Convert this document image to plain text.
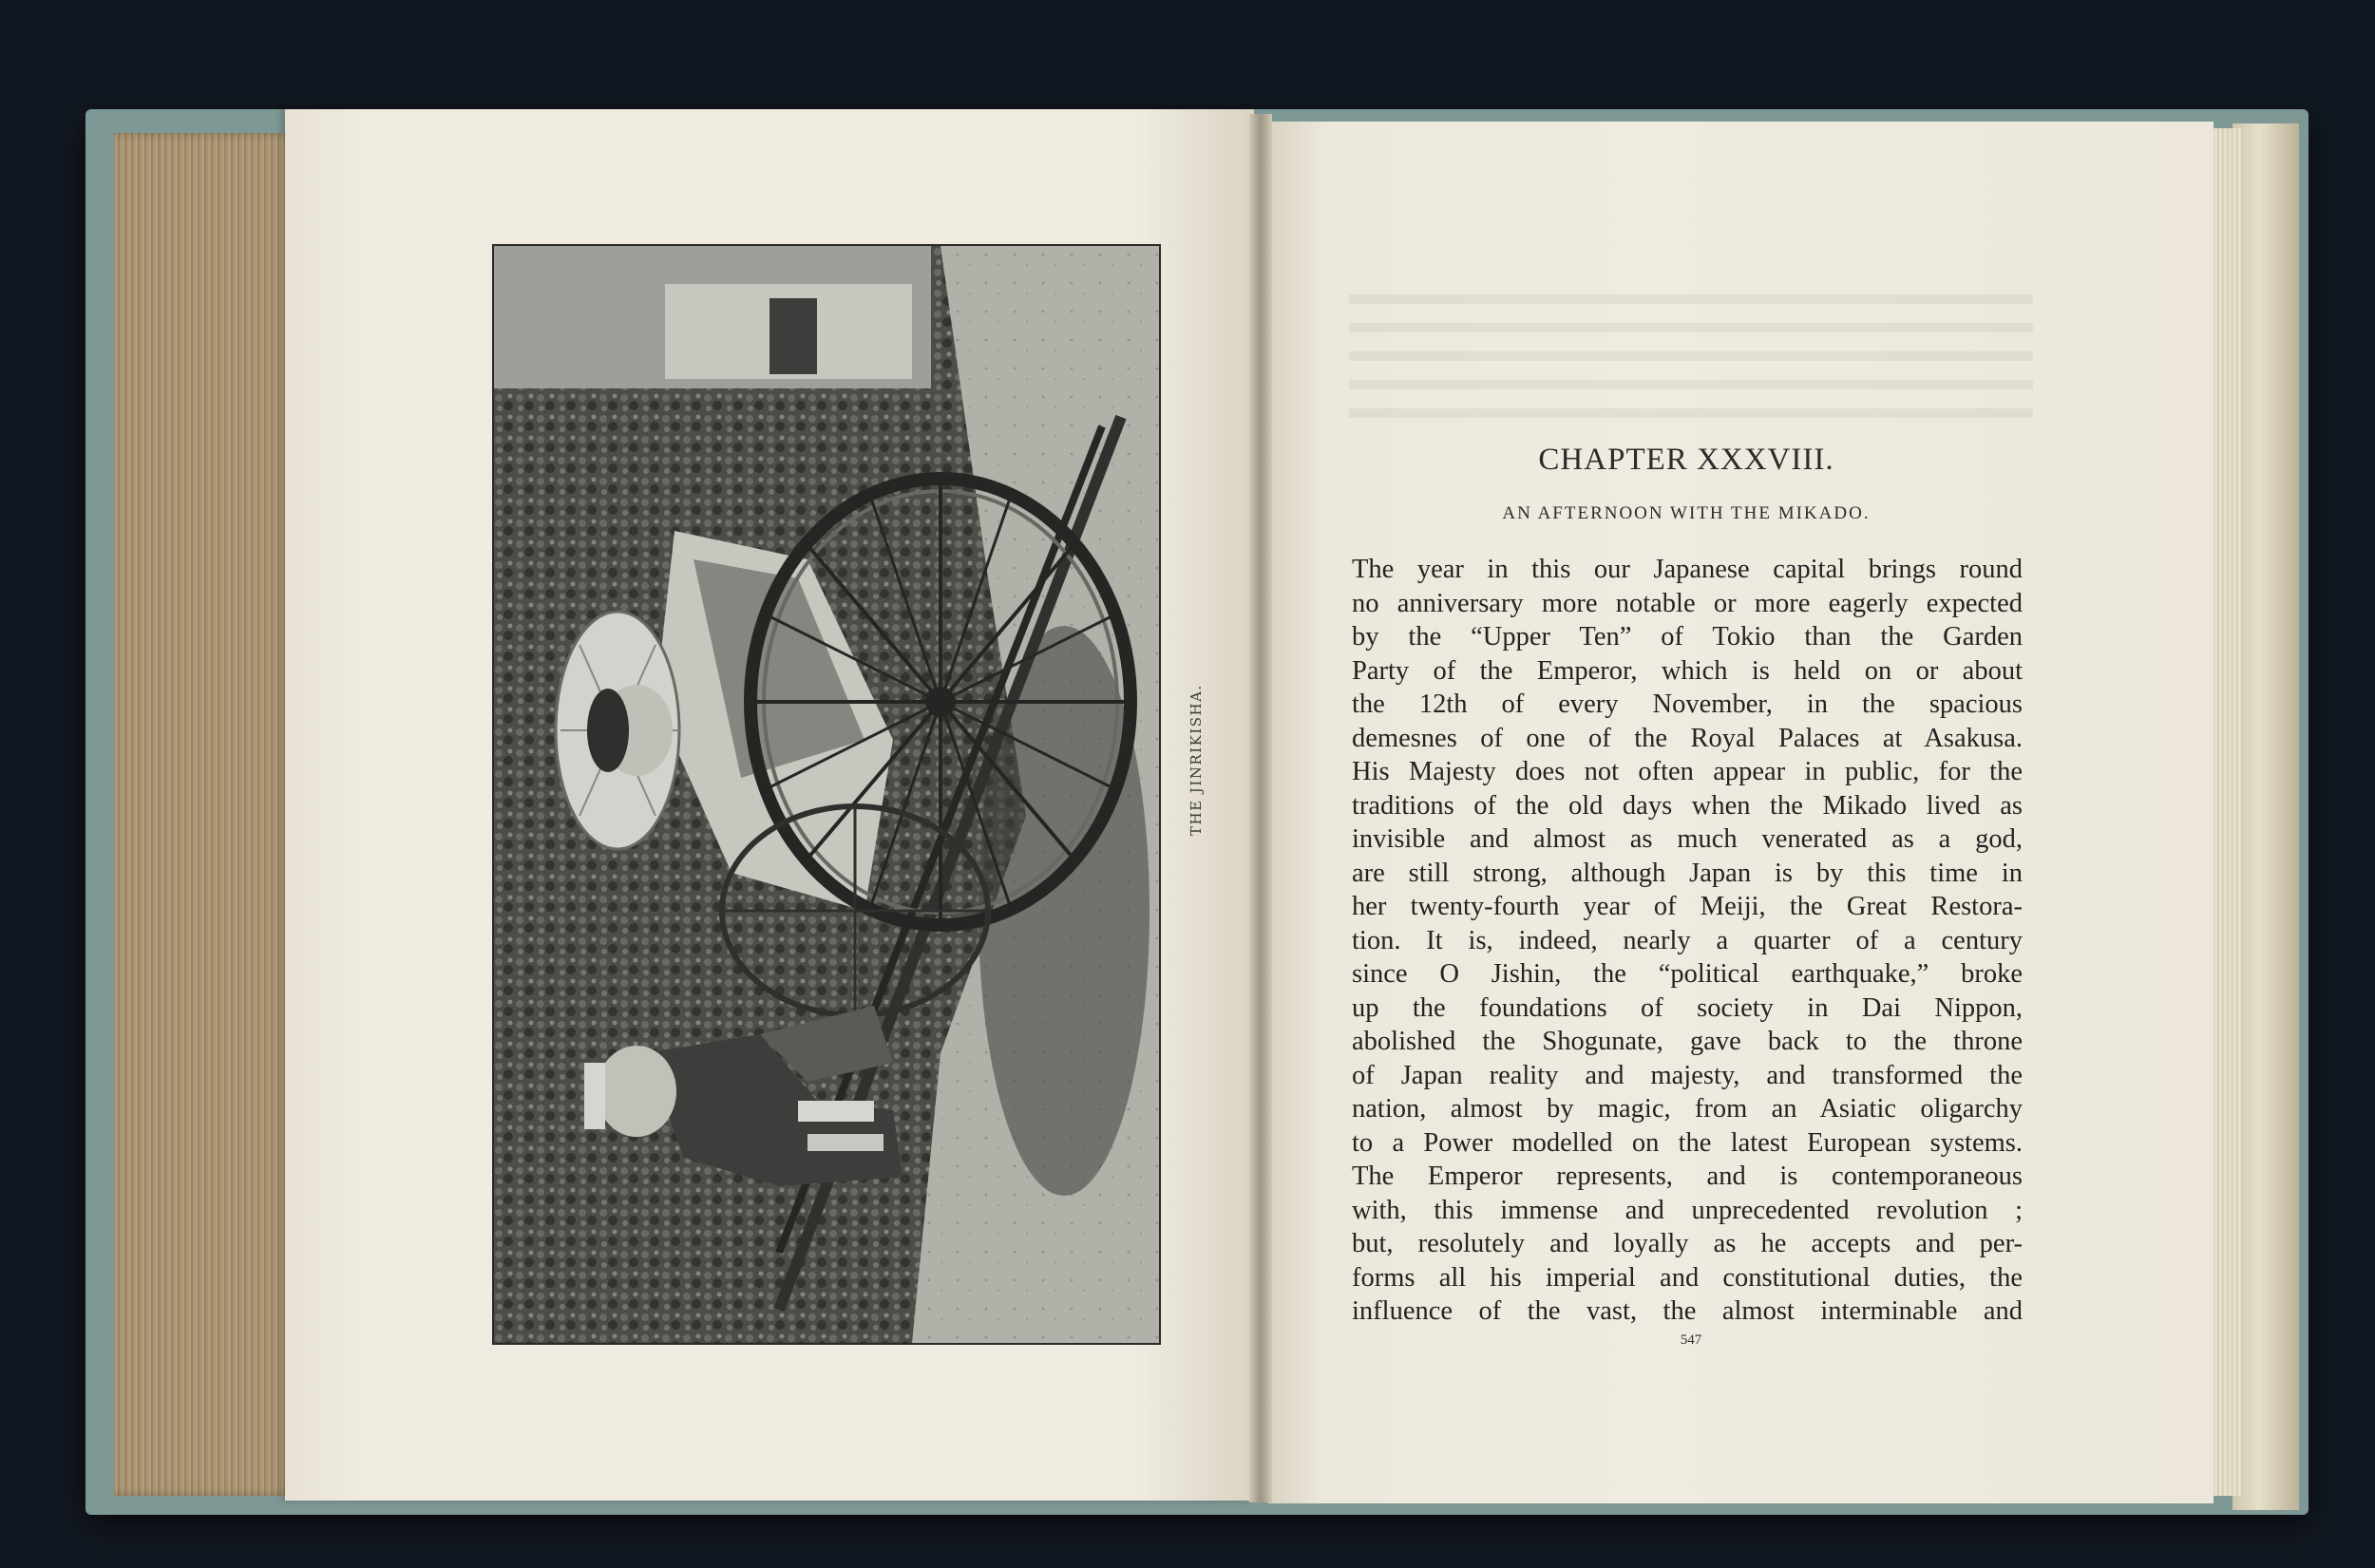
THE JINRIKISHA.
CHAPTER XXXVIII.
AN AFTERNOON WITH THE MIKADO.
The year in this our Japanese capital brings round
no anniversary more notable or more eagerly expected
by the “Upper Ten” of Tokio than the Garden
Party of the Emperor, which is held on or about
the 12th of every November, in the spacious
demesnes of one of the Royal Palaces at Asakusa.
His Majesty does not often appear in public, for the
traditions of the old days when the Mikado lived as
invisible and almost as much venerated as a god,
are still strong, although Japan is by this time in
her twenty-fourth year of Meiji, the Great Restora-
tion. It is, indeed, nearly a quarter of a century
since O Jishin, the “political earthquake,” broke
up the foundations of society in Dai Nippon,
abolished the Shogunate, gave back to the throne
of Japan reality and majesty, and transformed the
nation, almost by magic, from an Asiatic oligarchy
to a Power modelled on the latest European systems.
The Emperor represents, and is contemporaneous
with, this immense and unprecedented revolution ;
but, resolutely and loyally as he accepts and per-
forms all his imperial and constitutional duties, the
influence of the vast, the almost interminable and
547
